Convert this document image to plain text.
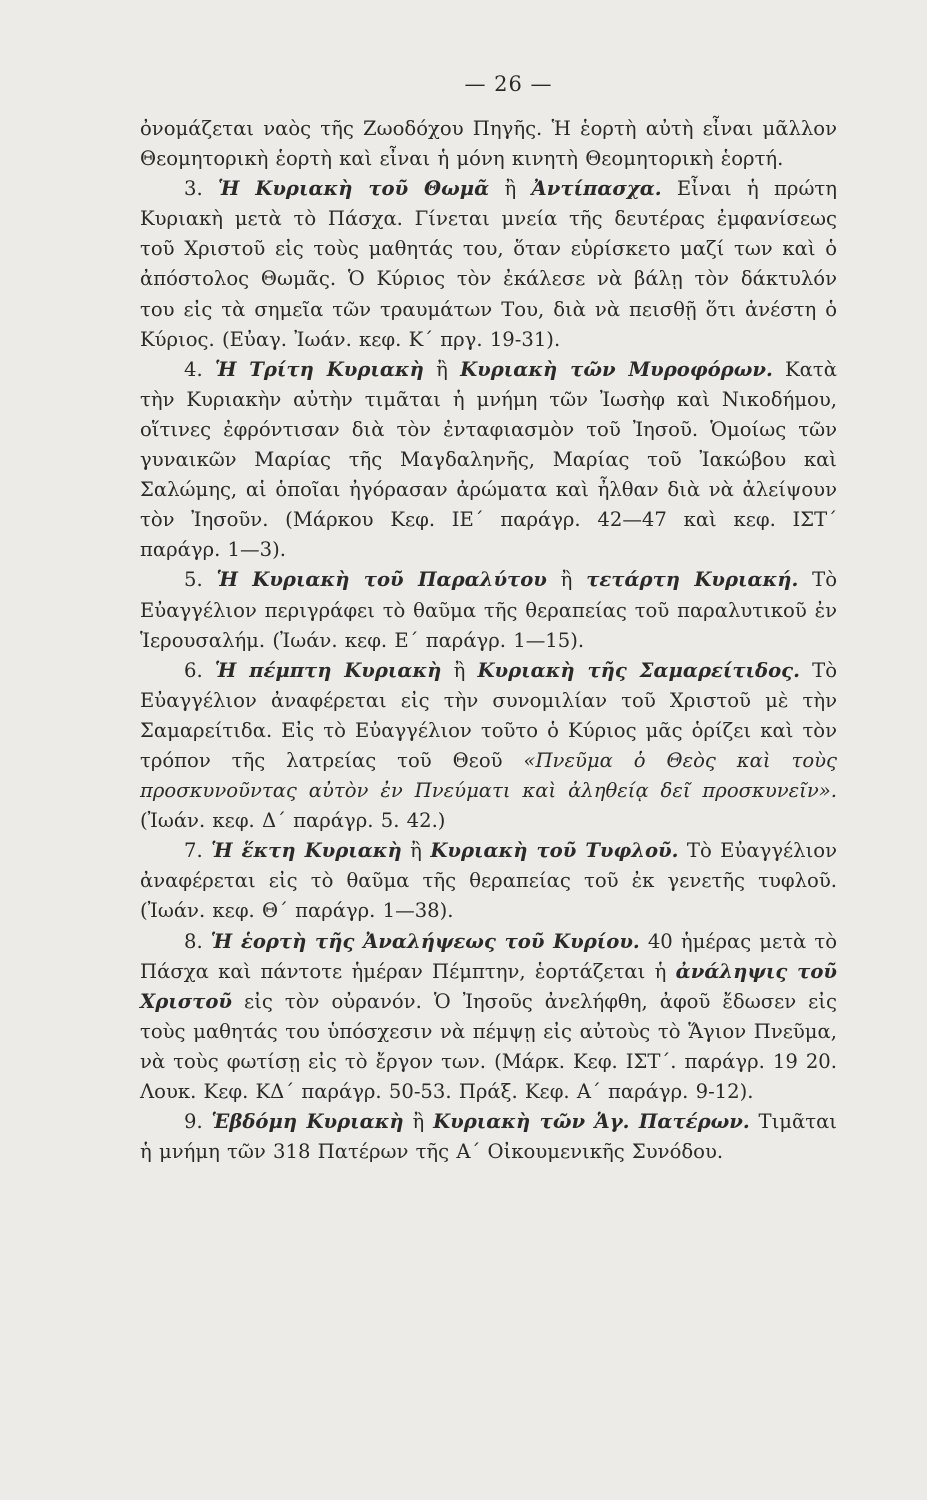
— 26 —

ὀνομάζεται ναὸς τῆς Ζωοδόχου Πηγῆς. Ἡ ἑορτὴ αὐτὴ εἶναι μᾶλλον Θεομητορικὴ ἑορτὴ καὶ εἶναι ἡ μόνη κινητὴ Θεομητορικὴ ἑορτή.

3. Ἡ Κυριακὴ τοῦ Θωμᾶ ἢ Ἀντίπασχα. Εἶναι ἡ πρώτη Κυριακὴ μετὰ τὸ Πάσχα. Γίνεται μνεία τῆς δευτέρας ἐμφανίσεως τοῦ Χριστοῦ εἰς τοὺς μαθητάς του, ὅταν εὑρίσκετο μαζί των καὶ ὁ ἀπόστολος Θωμᾶς. Ὁ Κύριος τὸν ἐκάλεσε νὰ βάλῃ τὸν δάκτυλόν του εἰς τὰ σημεῖα τῶν τραυμάτων Του, διὰ νὰ πεισθῇ ὅτι ἀνέστη ὁ Κύριος. (Εὐαγ. Ἰωάν. κεφ. Κ΄ πργ. 19-31).

4. Ἡ Τρίτη Κυριακὴ ἢ Κυριακὴ τῶν Μυροφόρων. Κατὰ τὴν Κυριακὴν αὐτὴν τιμᾶται ἡ μνήμη τῶν Ἰωσὴφ καὶ Νικοδήμου, οἵτινες ἐφρόντισαν διὰ τὸν ἐνταφιασμὸν τοῦ Ἰησοῦ. Ὁμοίως τῶν γυναικῶν Μαρίας τῆς Μαγδαληνῆς, Μαρίας τοῦ Ἰακώβου καὶ Σαλώμης, αἱ ὁποῖαι ἠγόρασαν ἀρώματα καὶ ἦλθαν διὰ νὰ ἀλείψουν τὸν Ἰησοῦν. (Μάρκου Κεφ. ΙΕ΄ παράγρ. 42—47 καὶ κεφ. ΙΣΤ΄ παράγρ. 1—3).

5. Ἡ Κυριακὴ τοῦ Παραλύτου ἢ τετάρτη Κυριακή. Τὸ Εὐαγγέλιον περιγράφει τὸ θαῦμα τῆς θεραπείας τοῦ παραλυτικοῦ ἐν Ἱερουσαλήμ. (Ἰωάν. κεφ. Ε΄ παράγρ. 1—15).

6. Ἡ πέμπτη Κυριακὴ ἢ Κυριακὴ τῆς Σαμαρείτιδος. Τὸ Εὐαγγέλιον ἀναφέρεται εἰς τὴν συνομιλίαν τοῦ Χριστοῦ μὲ τὴν Σαμαρείτιδα. Εἰς τὸ Εὐαγγέλιον τοῦτο ὁ Κύριος μᾶς ὁρίζει καὶ τὸν τρόπον τῆς λατρείας τοῦ Θεοῦ «Πνεῦμα ὁ Θεὸς καὶ τοὺς προσκυνοῦντας αὐτὸν ἐν Πνεύματι καὶ ἀληθείᾳ δεῖ προσκυνεῖν». (Ἰωάν. κεφ. Δ΄ παράγρ. 5. 42.)

7. Ἡ ἕκτη Κυριακὴ ἢ Κυριακὴ τοῦ Τυφλοῦ. Τὸ Εὐαγγέλιον ἀναφέρεται εἰς τὸ θαῦμα τῆς θεραπείας τοῦ ἐκ γενετῆς τυφλοῦ. (Ἰωάν. κεφ. Θ΄ παράγρ. 1—38).

8. Ἡ ἑορτὴ τῆς Ἀναλήψεως τοῦ Κυρίου. 40 ἡμέρας μετὰ τὸ Πάσχα καὶ πάντοτε ἡμέραν Πέμπτην, ἑορτάζεται ἡ ἀνάληψις τοῦ Χριστοῦ εἰς τὸν οὐρανόν. Ὁ Ἰησοῦς ἀνελήφθη, ἀφοῦ ἔδωσεν εἰς τοὺς μαθητάς του ὑπόσχεσιν νὰ πέμψῃ εἰς αὐτοὺς τὸ Ἅγιον Πνεῦμα, νὰ τοὺς φωτίσῃ εἰς τὸ ἔργον των. (Μάρκ. Κεφ. ΙΣΤ΄. παράγρ. 19 20. Λουκ. Κεφ. ΚΔ΄ παράγρ. 50-53. Πράξ. Κεφ. Α΄ παράγρ. 9-12).

9. Ἑβδόμη Κυριακὴ ἢ Κυριακὴ τῶν Ἁγ. Πατέρων. Τιμᾶται ἡ μνήμη τῶν 318 Πατέρων τῆς Α΄ Οἰκουμενικῆς Συνόδου.
